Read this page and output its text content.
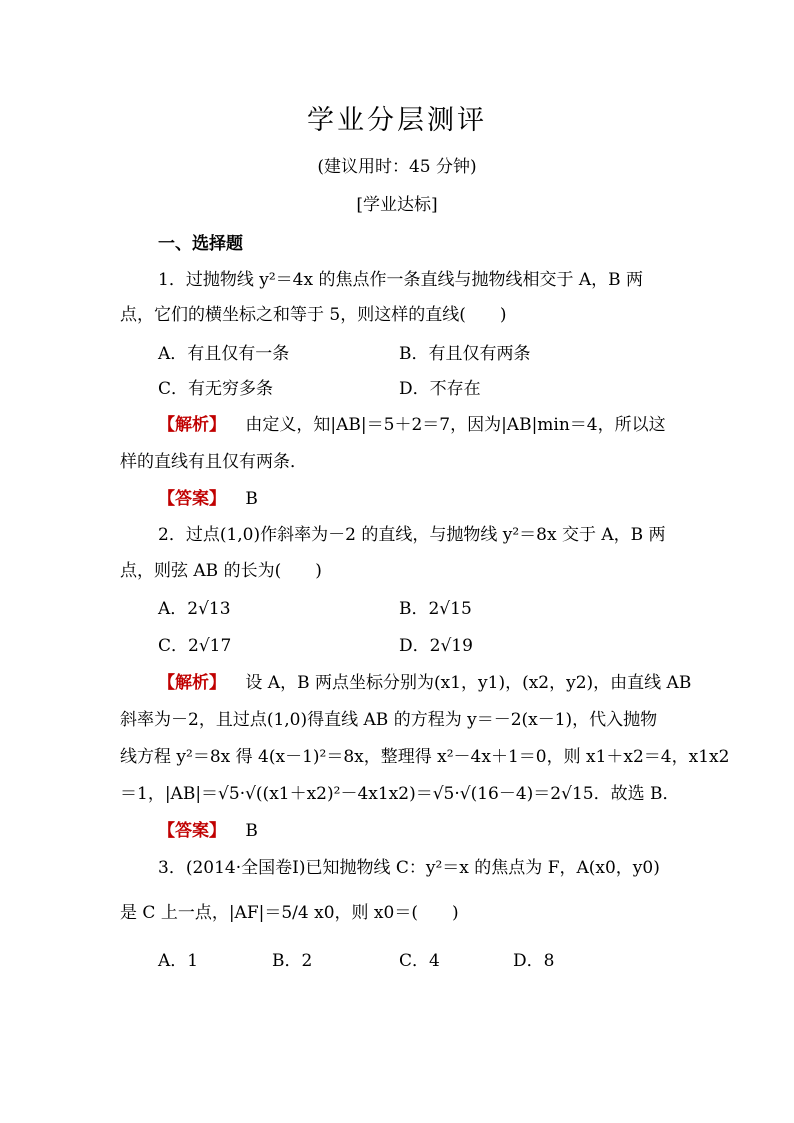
学业分层测评
(建议用时：45 分钟)
[学业达标]
一、选择题
1．过抛物线 y²＝4x 的焦点作一条直线与抛物线相交于 A，B 两
点，它们的横坐标之和等于 5，则这样的直线(　　)
A．有且仅有一条	B．有且仅有两条
C．有无穷多条	D．不存在
【解析】 由定义，知|AB|＝5＋2＝7，因为|AB|min＝4，所以这
样的直线有且仅有两条．
【答案】 B
2．过点(1,0)作斜率为－2 的直线，与抛物线 y²＝8x 交于 A，B 两
点，则弦 AB 的长为(　　)
A．2√13	B．2√15
C．2√17	D．2√19
【解析】 设 A，B 两点坐标分别为(x1，y1)，(x2，y2)，由直线 AB
斜率为－2，且过点(1,0)得直线 AB 的方程为 y＝－2(x－1)，代入抛物
线方程 y²＝8x 得 4(x－1)²＝8x，整理得 x²－4x＋1＝0，则 x1＋x2＝4，x1x2
＝1，|AB|＝√5·√((x1＋x2)²－4x1x2)＝√5·√(16－4)＝2√15．故选 B．
【答案】 B
3．(2014·全国卷Ⅰ)已知抛物线 C：y²＝x 的焦点为 F，A(x0，y0)
是 C 上一点，|AF|＝5/4 x0，则 x0＝(　　)
A．1	B．2	C．4	D．8
